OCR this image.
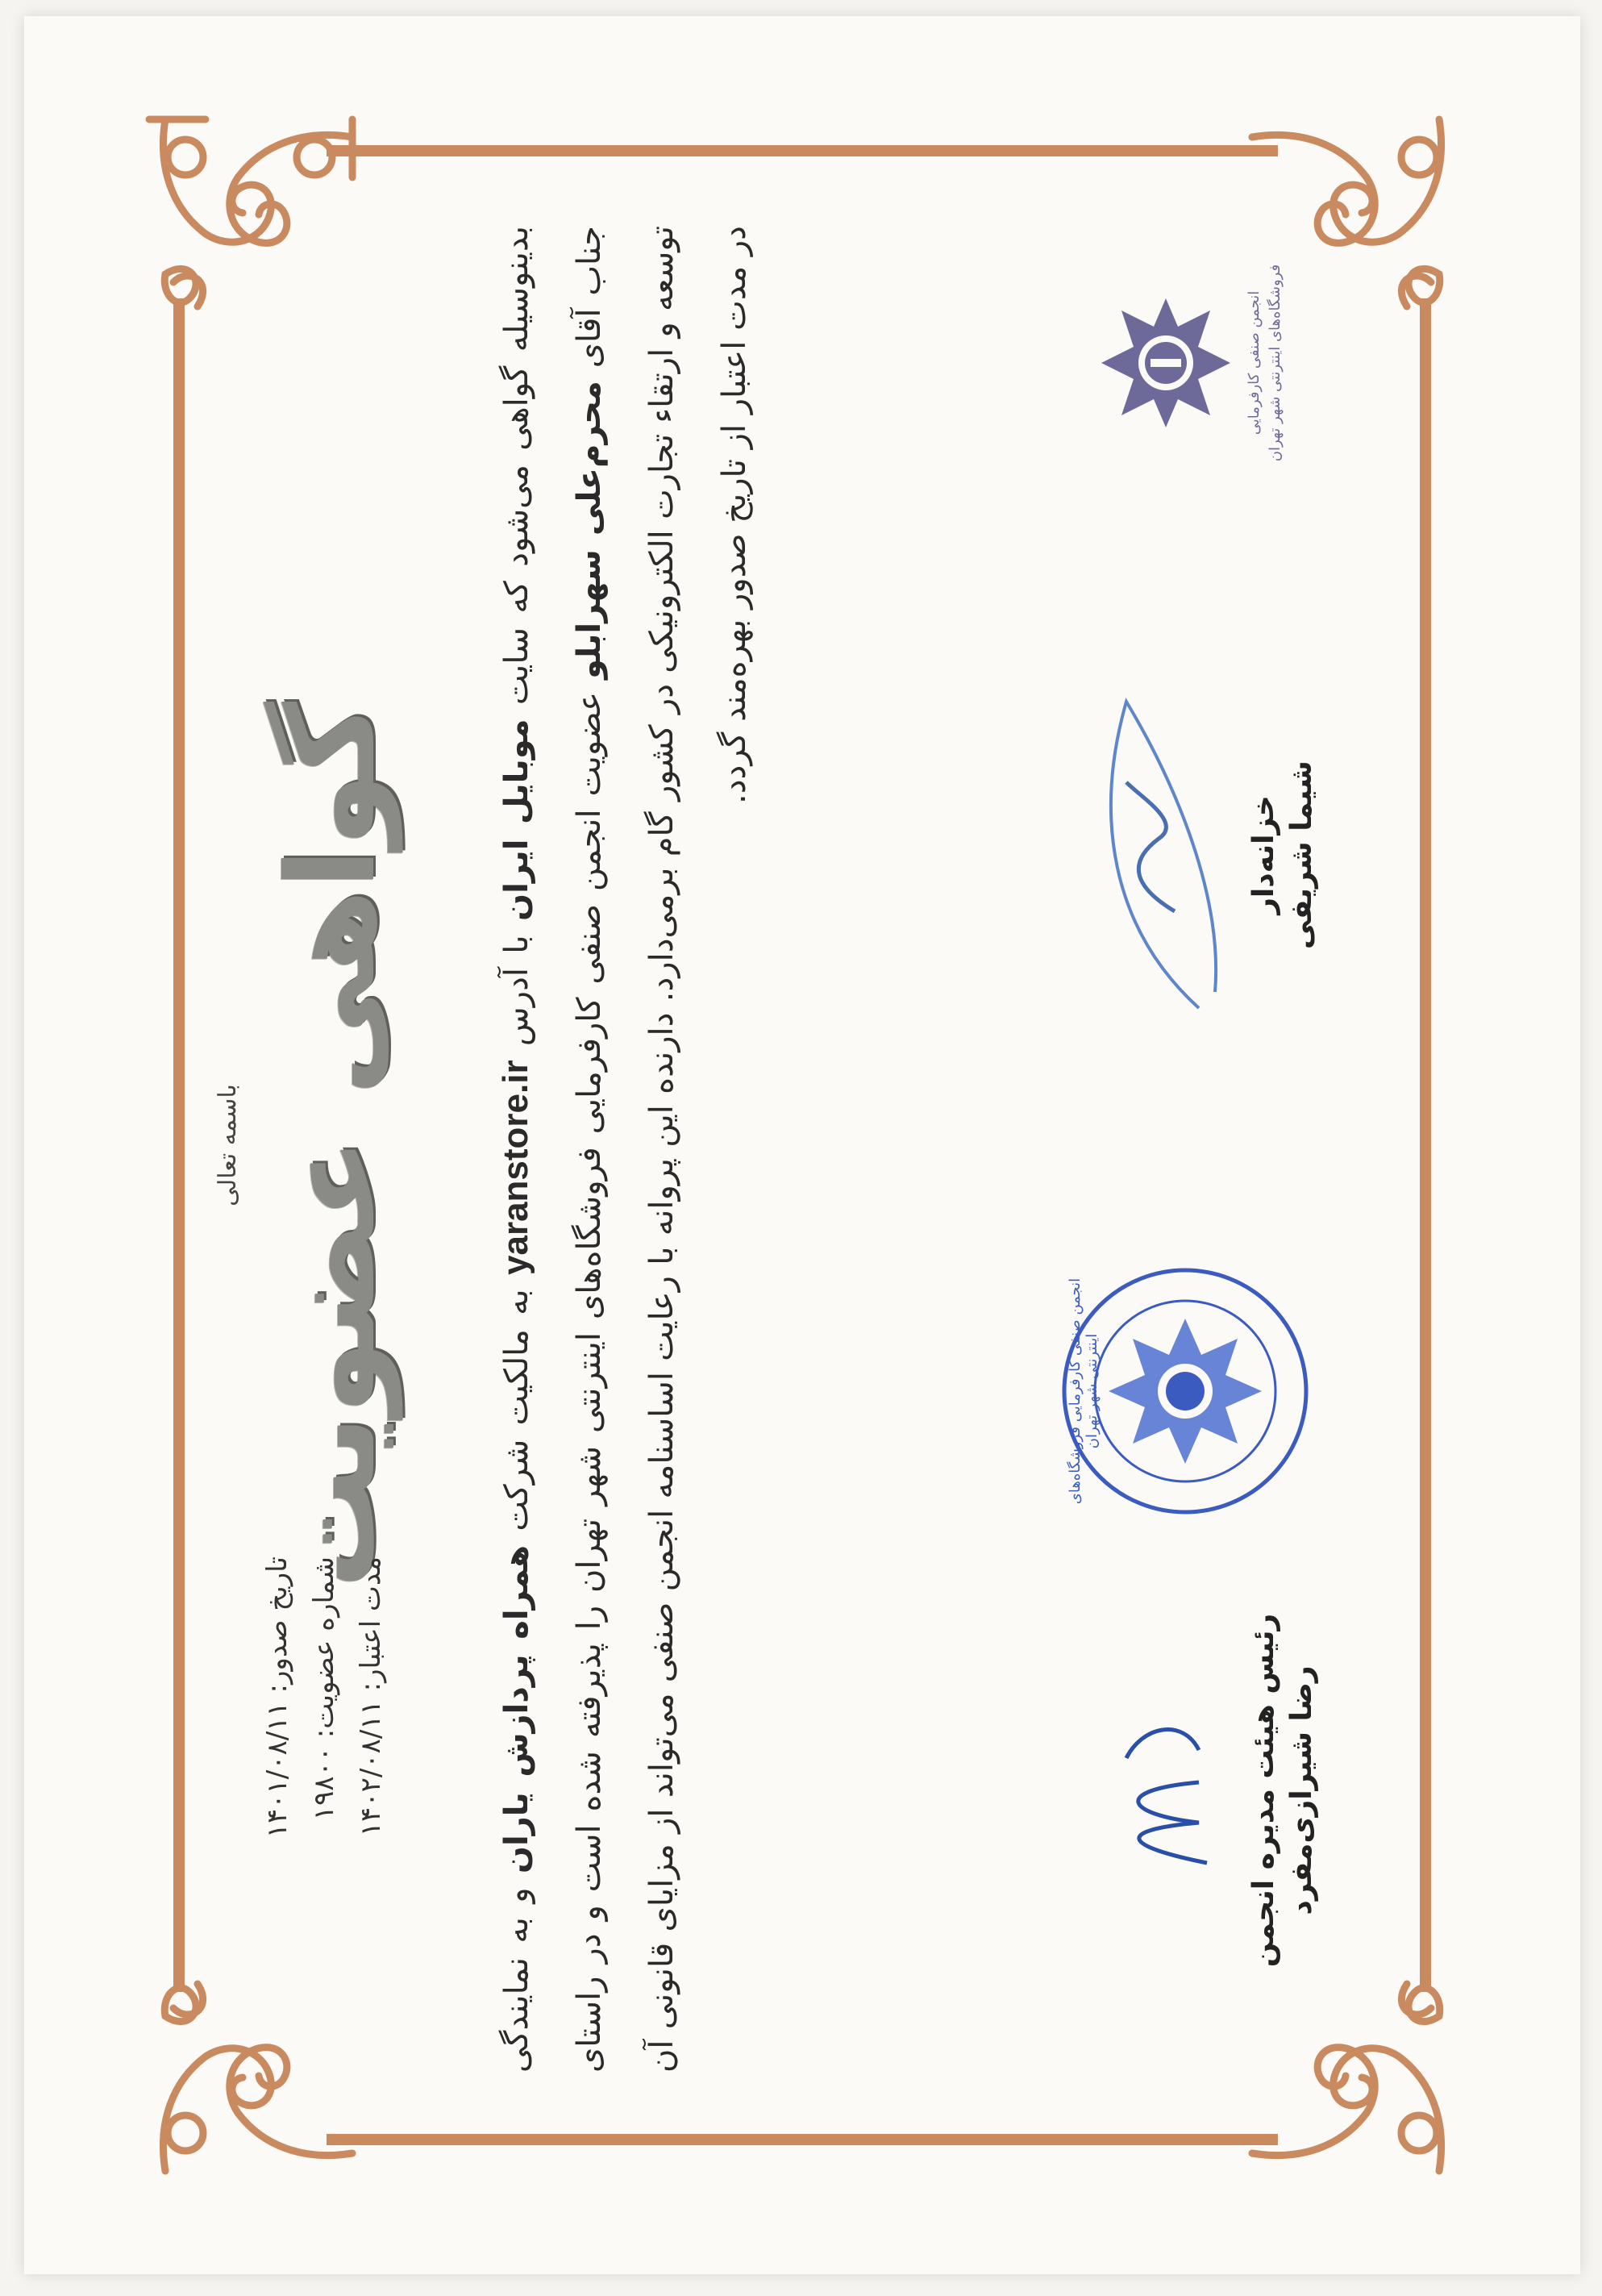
باسمه تعالی گواهی عضویت
تاریخ صدور: ۱۴۰۱/۰۸/۱۱
شماره عضویت: ۱۹۸۰۰
مدت اعتبار: ۱۴۰۲/۰۸/۱۱
بدینوسیله گواهی می‌شود که سایت موبایل ایران با آدرس yaranstore.ir به مالکیت شرکت همراه پردازش یاران و به نمایندگی جناب آقای محرم‌علی سهرابلو عضویت انجمن صنفی کارفرمایی فروشگاه‌های اینترنتی شهر تهران را پذیرفته شده است و در راستای توسعه و ارتقاء تجارت الکترونیکی در کشور گام برمی‌دارد. دارنده این پروانه با رعایت اساسنامه انجمن صنفی می‌تواند از مزایای قانونی آن در مدت اعتبار از تاریخ صدور بهره‌مند گردد.	انجمن صنفی کارفرمایی فروشگاه‌های اینترنتی شهر تهران
خزانه‌دار شیما شریفی
انجمن صنفی کارفرمایی فروشگاه‌های اینترنتی شهر تهران
رئیس هیئت مدیره انجمن رضا شیرازی‌مفرد
